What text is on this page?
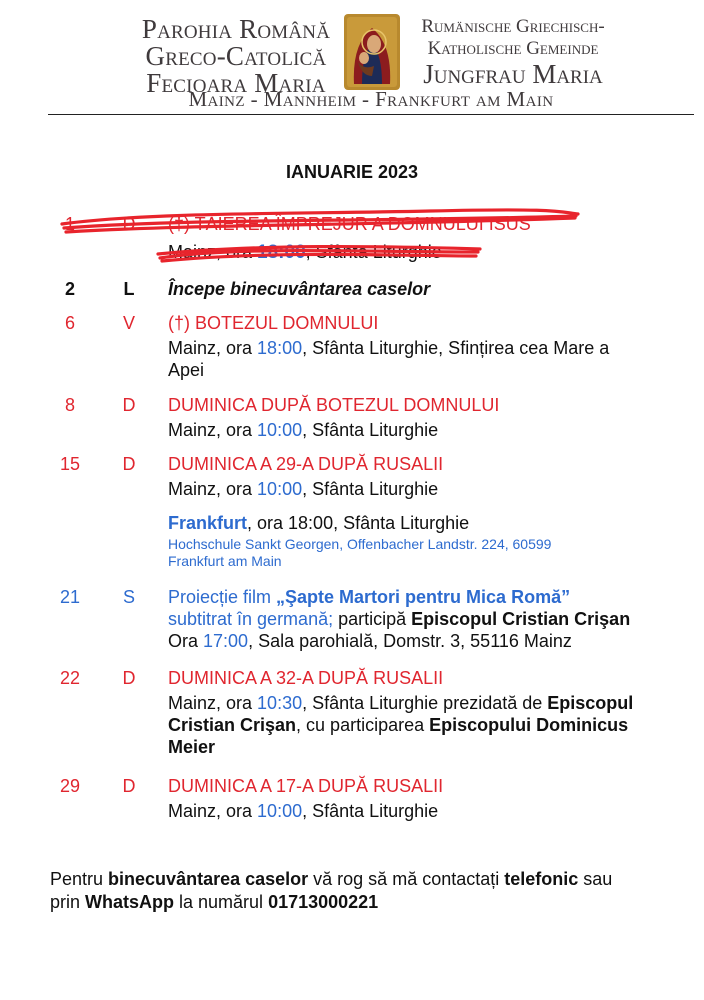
Parohia Română
Greco-Catolică
Fecioara Maria
Rumänische Griechisch-
Katholische Gemeinde
Jungfrau Maria
Mainz - Mannheim - Frankfurt am Main
IANUARIE 2023
1	D (†) TĂIEREA ÎMPREJUR A DOMNULUI ISUS
Mainz, ora 18:00, Sfânta Liturghie
2	L	Începe binecuvântarea caselor
6	V (†) BOTEZUL DOMNULUI
Mainz, ora 18:00, Sfânta Liturghie, Sfințirea cea Mare a
Apei
8	D DUMINICA DUPĂ BOTEZUL DOMNULUI
Mainz, ora 10:00, Sfânta Liturghie
15	D DUMINICA A 29-A DUPĂ RUSALII
Mainz, ora 10:00, Sfânta Liturghie
Frankfurt, ora 18:00, Sfânta Liturghie
Hochschule Sankt Georgen, Offenbacher Landstr. 224, 60599
Frankfurt am Main
21	S Proiecție film „Şapte Martori pentru Mica Romă”
subtitrat în germană; participă Episcopul Cristian Crişan
Ora 17:00, Sala parohială, Domstr. 3, 55116 Mainz
22	D DUMINICA A 32-A DUPĂ RUSALII
Mainz, ora 10:30, Sfânta Liturghie prezidată de Episcopul
Cristian Crişan, cu participarea Episcopului Dominicus
Meier
29	D DUMINICA A 17-A DUPĂ RUSALII
Mainz, ora 10:00, Sfânta Liturghie
Pentru binecuvântarea caselor vă rog să mă contactați telefonic sau
prin WhatsApp la numărul 01713000221
